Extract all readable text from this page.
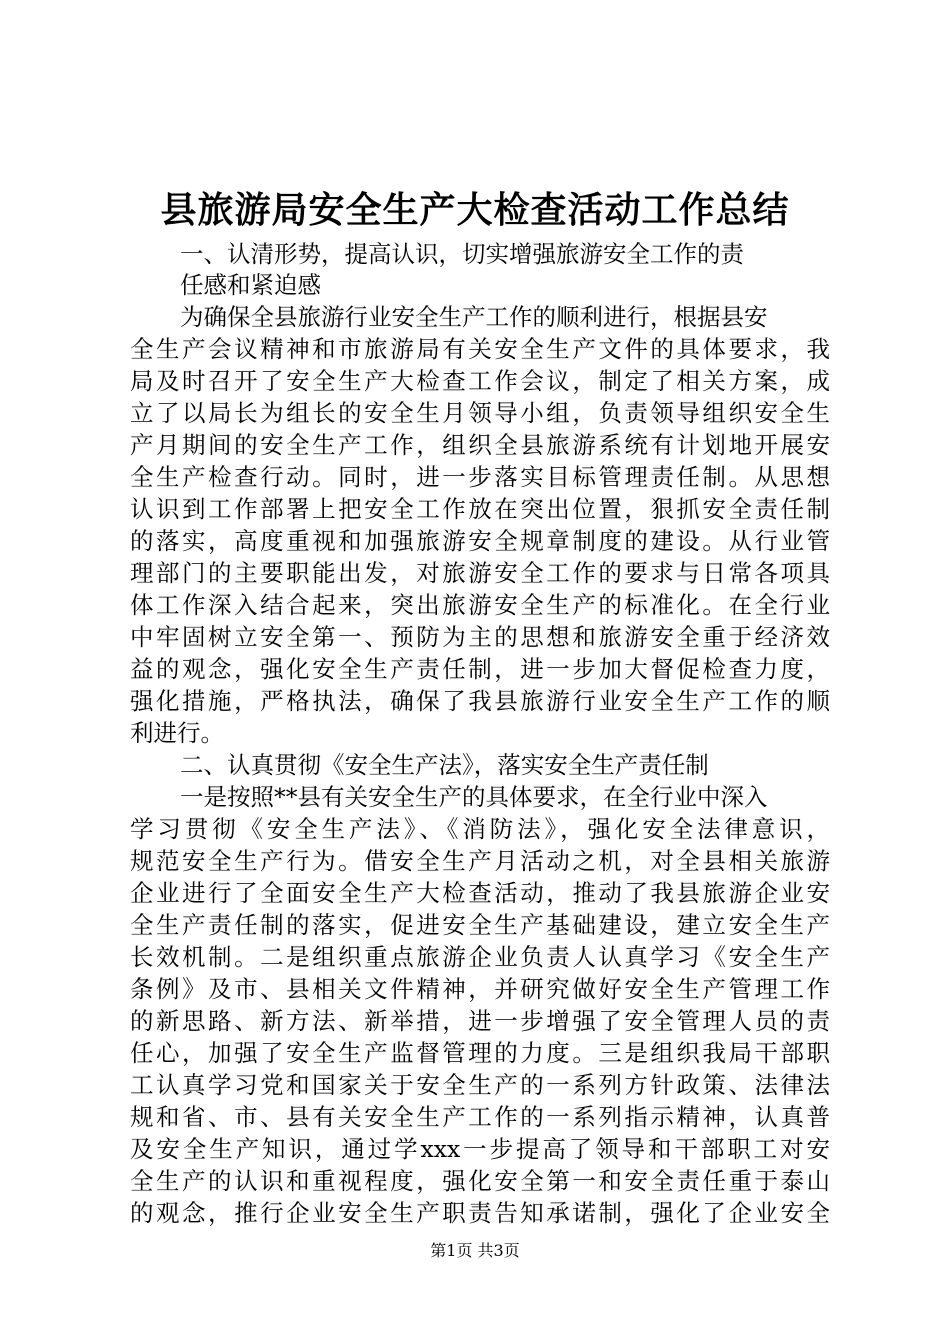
县旅游局安全生产大检查活动工作总结
一、认清形势，提高认识，切实增强旅游安全工作的责
任感和紧迫感
为确保全县旅游行业安全生产工作的顺利进行，根据县安
全生产会议精神和市旅游局有关安全生产文件的具体要求，我
局及时召开了安全生产大检查工作会议，制定了相关方案，成
立了以局长为组长的安全生月领导小组，负责领导组织安全生
产月期间的安全生产工作，组织全县旅游系统有计划地开展安
全生产检查行动。同时，进一步落实目标管理责任制。从思想
认识到工作部署上把安全工作放在突出位置，狠抓安全责任制
的落实，高度重视和加强旅游安全规章制度的建设。从行业管
理部门的主要职能出发，对旅游安全工作的要求与日常各项具
体工作深入结合起来，突出旅游安全生产的标准化。在全行业
中牢固树立安全第一、预防为主的思想和旅游安全重于经济效
益的观念，强化安全生产责任制，进一步加大督促检查力度，
强化措施，严格执法，确保了我县旅游行业安全生产工作的顺
利进行。
二、认真贯彻《安全生产法》，落实安全生产责任制
一是按照**县有关安全生产的具体要求，在全行业中深入
学习贯彻《安全生产法》、《消防法》，强化安全法律意识，
规范安全生产行为。借安全生产月活动之机，对全县相关旅游
企业进行了全面安全生产大检查活动，推动了我县旅游企业安
全生产责任制的落实，促进安全生产基础建设，建立安全生产
长效机制。二是组织重点旅游企业负责人认真学习《安全生产
条例》及市、县相关文件精神，并研究做好安全生产管理工作
的新思路、新方法、新举措，进一步增强了安全管理人员的责
任心，加强了安全生产监督管理的力度。三是组织我局干部职
工认真学习党和国家关于安全生产的一系列方针政策、法律法
规和省、市、县有关安全生产工作的一系列指示精神，认真普
及安全生产知识，通过学xxx一步提高了领导和干部职工对安
全生产的认识和重视程度，强化安全第一和安全责任重于泰山
的观念，推行企业安全生产职责告知承诺制，强化了企业安全
第1页 共3页
